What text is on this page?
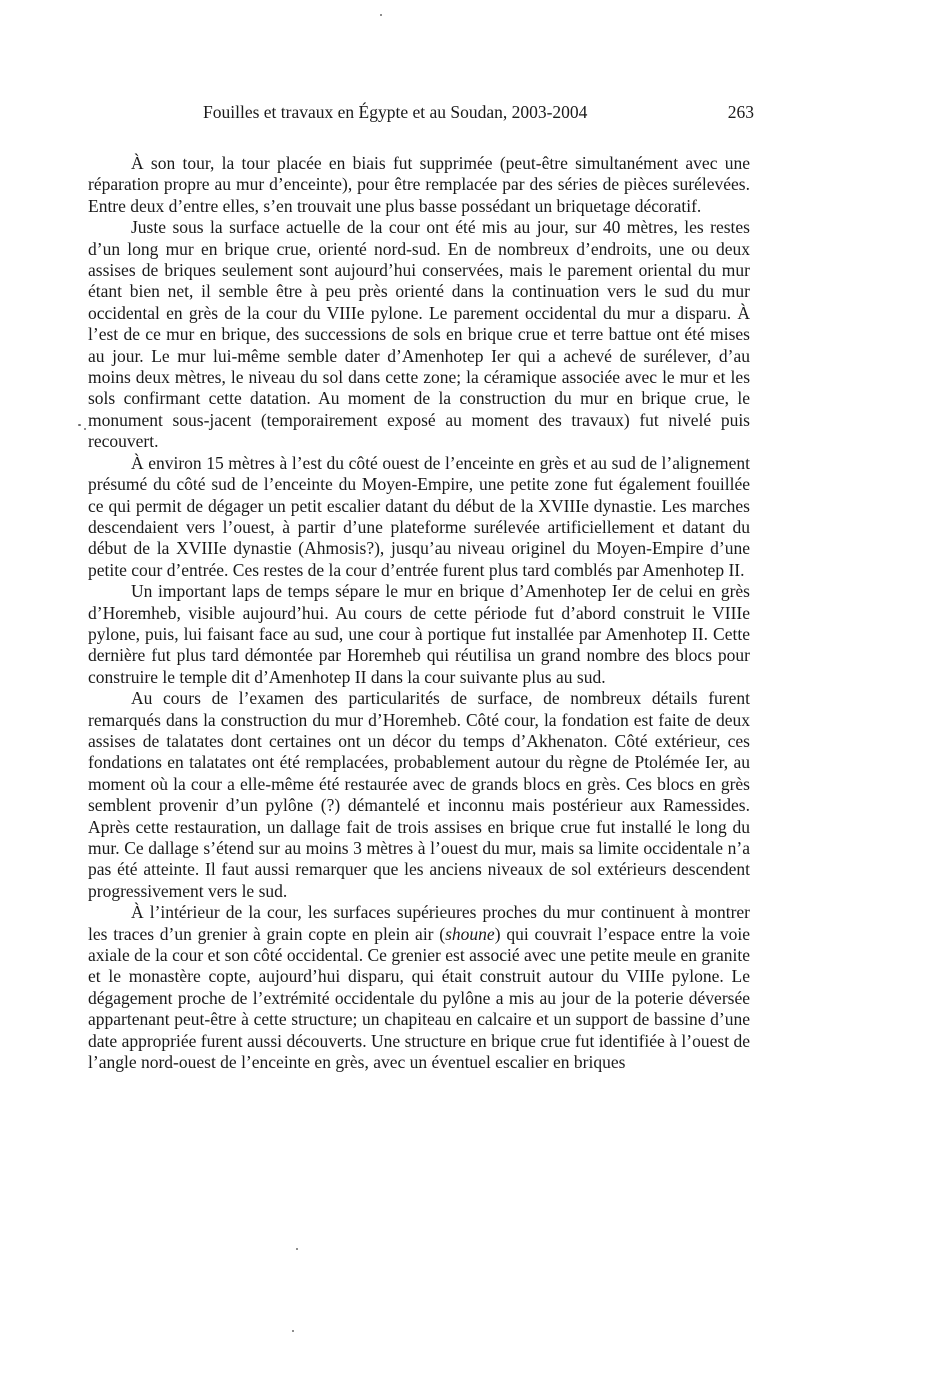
Fouilles et travaux en Égypte et au Soudan, 2003-2004	263

À son tour, la tour placée en biais fut supprimée (peut-être simultanément avec une réparation propre au mur d’enceinte), pour être remplacée par des séries de pièces surélevées. Entre deux d’entre elles, s’en trouvait une plus basse possédant un briquetage décoratif.

Juste sous la surface actuelle de la cour ont été mis au jour, sur 40 mètres, les restes d’un long mur en brique crue, orienté nord-sud. En de nombreux d’endroits, une ou deux assises de briques seulement sont aujourd’hui conservées, mais le parement oriental du mur étant bien net, il semble être à peu près orienté dans la continuation vers le sud du mur occidental en grès de la cour du VIIIe pylone. Le parement occidental du mur a disparu. À l’est de ce mur en brique, des successions de sols en brique crue et terre battue ont été mises au jour. Le mur lui-même semble dater d’Amenhotep Ier qui a achevé de surélever, d’au moins deux mètres, le niveau du sol dans cette zone; la céramique associée avec le mur et les sols confirmant cette datation. Au moment de la construction du mur en brique crue, le monument sous-jacent (temporairement exposé au moment des travaux) fut nivelé puis recouvert.

À environ 15 mètres à l’est du côté ouest de l’enceinte en grès et au sud de l’alignement présumé du côté sud de l’enceinte du Moyen-Empire, une petite zone fut également fouillée ce qui permit de dégager un petit escalier datant du début de la XVIIIe dynastie. Les marches descendaient vers l’ouest, à partir d’une plateforme surélevée artificiellement et datant du début de la XVIIIe dynastie (Ahmosis?), jusqu’au niveau originel du Moyen-Empire d’une petite cour d’entrée. Ces restes de la cour d’entrée furent plus tard comblés par Amenhotep II.

Un important laps de temps sépare le mur en brique d’Amenhotep Ier de celui en grès d’Horemheb, visible aujourd’hui. Au cours de cette période fut d’abord construit le VIIIe pylone, puis, lui faisant face au sud, une cour à portique fut installée par Amenhotep II. Cette dernière fut plus tard démontée par Horemheb qui réutilisa un grand nombre des blocs pour construire le temple dit d’Amenhotep II dans la cour suivante plus au sud.

Au cours de l’examen des particularités de surface, de nombreux détails furent remarqués dans la construction du mur d’Horemheb. Côté cour, la fondation est faite de deux assises de talatates dont certaines ont un décor du temps d’Akhenaton. Côté extérieur, ces fondations en talatates ont été remplacées, probablement autour du règne de Ptolémée Ier, au moment où la cour a elle-même été restaurée avec de grands blocs en grès. Ces blocs en grès semblent provenir d’un pylône (?) démantelé et inconnu mais postérieur aux Ramessides. Après cette restauration, un dallage fait de trois assises en brique crue fut installé le long du mur. Ce dallage s’étend sur au moins 3 mètres à l’ouest du mur, mais sa limite occidentale n’a pas été atteinte. Il faut aussi remarquer que les anciens niveaux de sol extérieurs descendent progressivement vers le sud.

À l’intérieur de la cour, les surfaces supérieures proches du mur continuent à montrer les traces d’un grenier à grain copte en plein air (shoune) qui couvrait l’espace entre la voie axiale de la cour et son côté occidental. Ce grenier est associé avec une petite meule en granite et le monastère copte, aujourd’hui disparu, qui était construit autour du VIIIe pylone. Le dégagement proche de l’extrémité occidentale du pylône a mis au jour de la poterie déversée appartenant peut-être à cette structure; un chapiteau en calcaire et un support de bassine d’une date appropriée furent aussi découverts. Une structure en brique crue fut identifiée à l’ouest de l’angle nord-ouest de l’enceinte en grès, avec un éventuel escalier en briques
